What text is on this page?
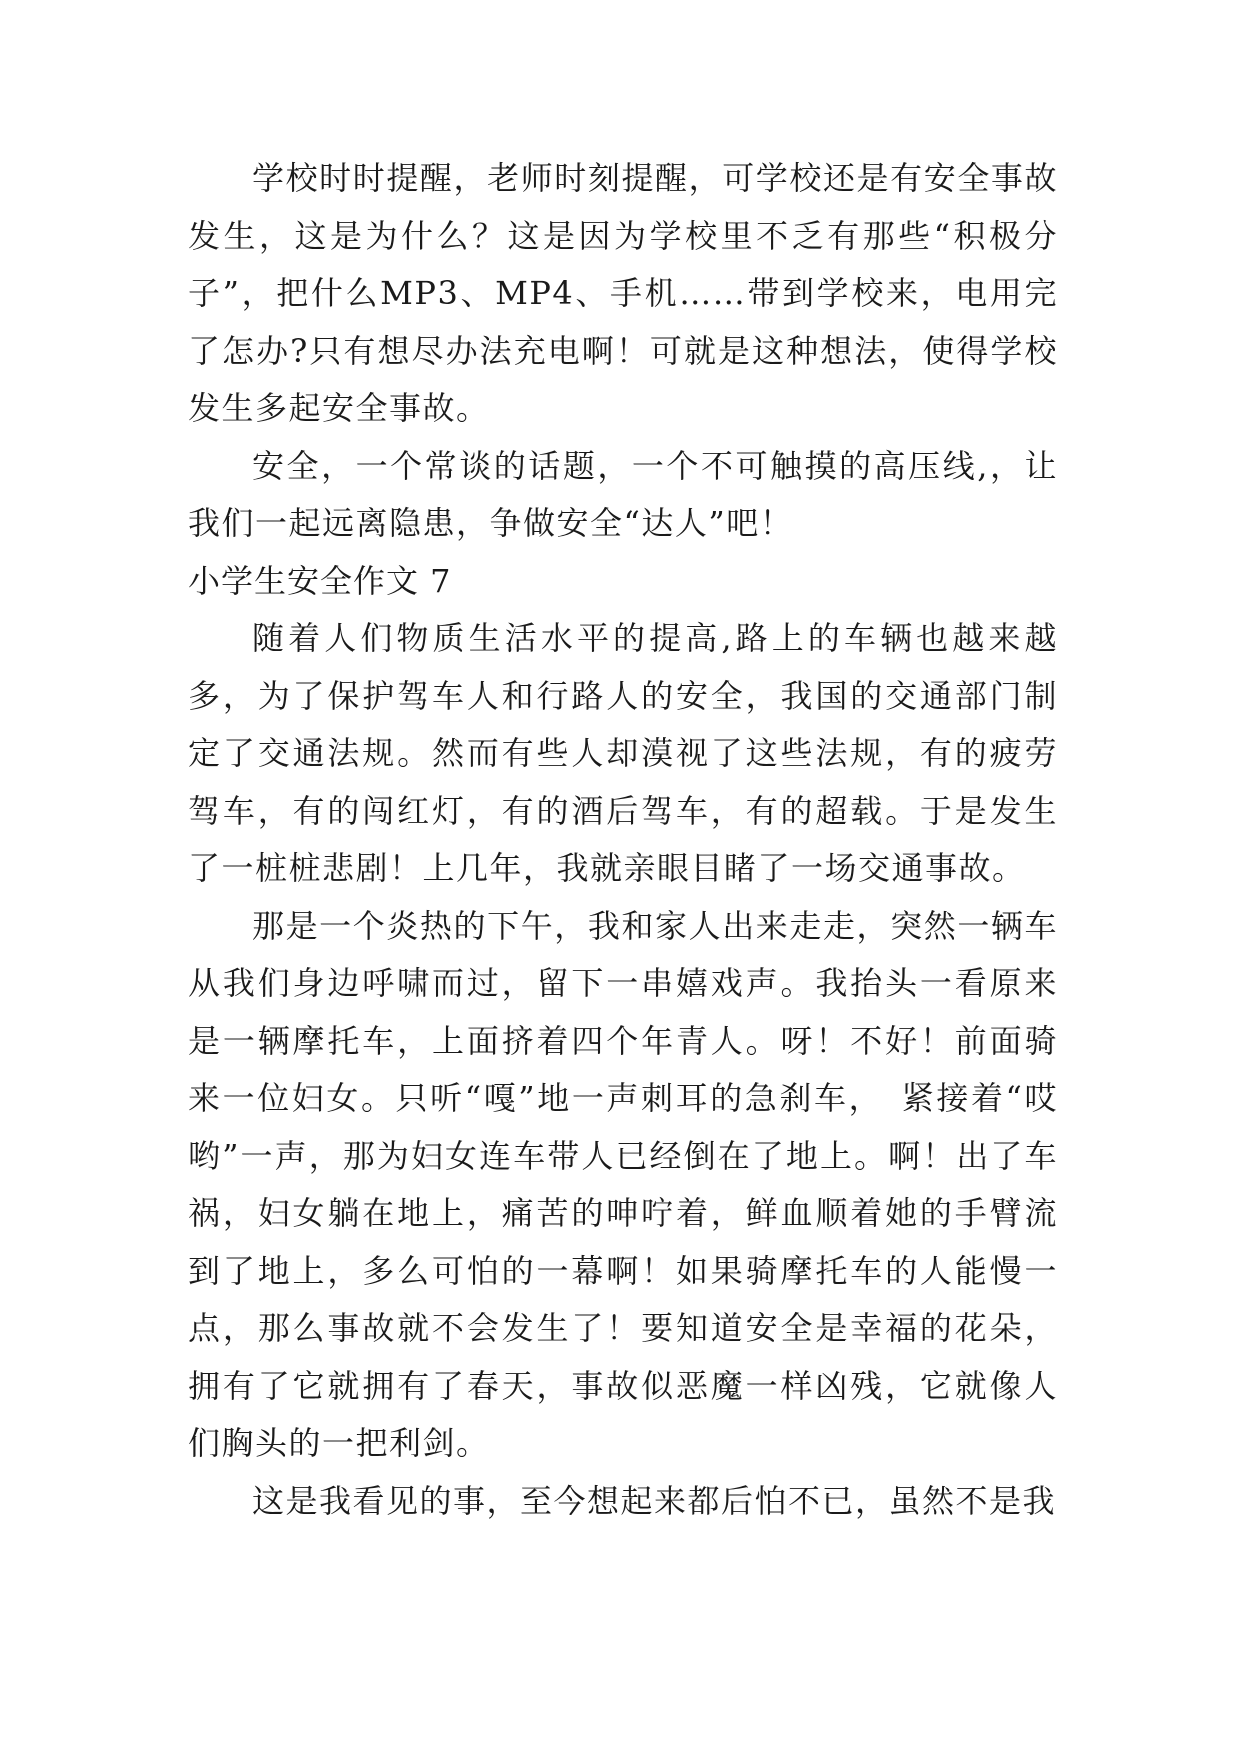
学校时时提醒，老师时刻提醒，可学校还是有安全事故发生，这是为什么？这是因为学校里不乏有那些“积极分子”，把什么MP3、MP4、手机……带到学校来，电用完了怎办?只有想尽办法充电啊！可就是这种想法，使得学校发生多起安全事故。

安全，一个常谈的话题，一个不可触摸的高压线,，让我们一起远离隐患，争做安全“达人”吧！

小学生安全作文 7

随着人们物质生活水平的提高,路上的车辆也越来越多，为了保护驾车人和行路人的安全，我国的交通部门制定了交通法规。然而有些人却漠视了这些法规，有的疲劳驾车，有的闯红灯，有的酒后驾车，有的超载。于是发生了一桩桩悲剧！上几年，我就亲眼目睹了一场交通事故。

那是一个炎热的下午，我和家人出来走走，突然一辆车从我们身边呼啸而过，留下一串嬉戏声。我抬头一看原来是一辆摩托车，上面挤着四个年青人。呀！不好！前面骑来一位妇女。只听“嘎”地一声刺耳的急刹车，　紧接着“哎哟”一声，那为妇女连车带人已经倒在了地上。啊！出了车祸，妇女躺在地上，痛苦的呻咛着，鲜血顺着她的手臂流到了地上，多么可怕的一幕啊！如果骑摩托车的人能慢一点，那么事故就不会发生了！要知道安全是幸福的花朵，拥有了它就拥有了春天，事故似恶魔一样凶残，它就像人们胸头的一把利剑。

这是我看见的事，至今想起来都后怕不已，虽然不是我
